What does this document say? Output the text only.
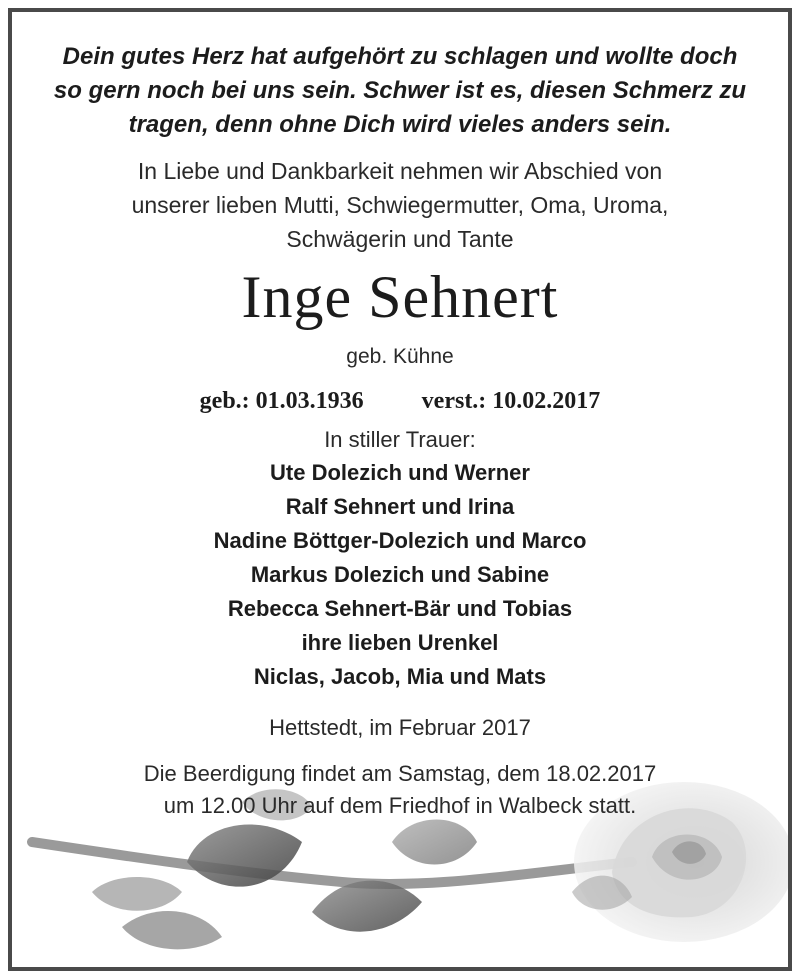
Dein gutes Herz hat aufgehört zu schlagen und wollte doch
so gern noch bei uns sein. Schwer ist es, diesen Schmerz zu
tragen, denn ohne Dich wird vieles anders sein.
In Liebe und Dankbarkeit nehmen wir Abschied von
unserer lieben Mutti, Schwiegermutter, Oma, Uroma,
Schwägerin und Tante
Inge Sehnert
geb. Kühne
geb.: 01.03.1936 verst.: 10.02.2017
In stiller Trauer:
Ute Dolezich und Werner
Ralf Sehnert und Irina
Nadine Böttger-Dolezich und Marco
Markus Dolezich und Sabine
Rebecca Sehnert-Bär und Tobias
ihre lieben Urenkel
Niclas, Jacob, Mia und Mats
Hettstedt, im Februar 2017
Die Beerdigung findet am Samstag, dem 18.02.2017
um 12.00 Uhr auf dem Friedhof in Walbeck statt.
